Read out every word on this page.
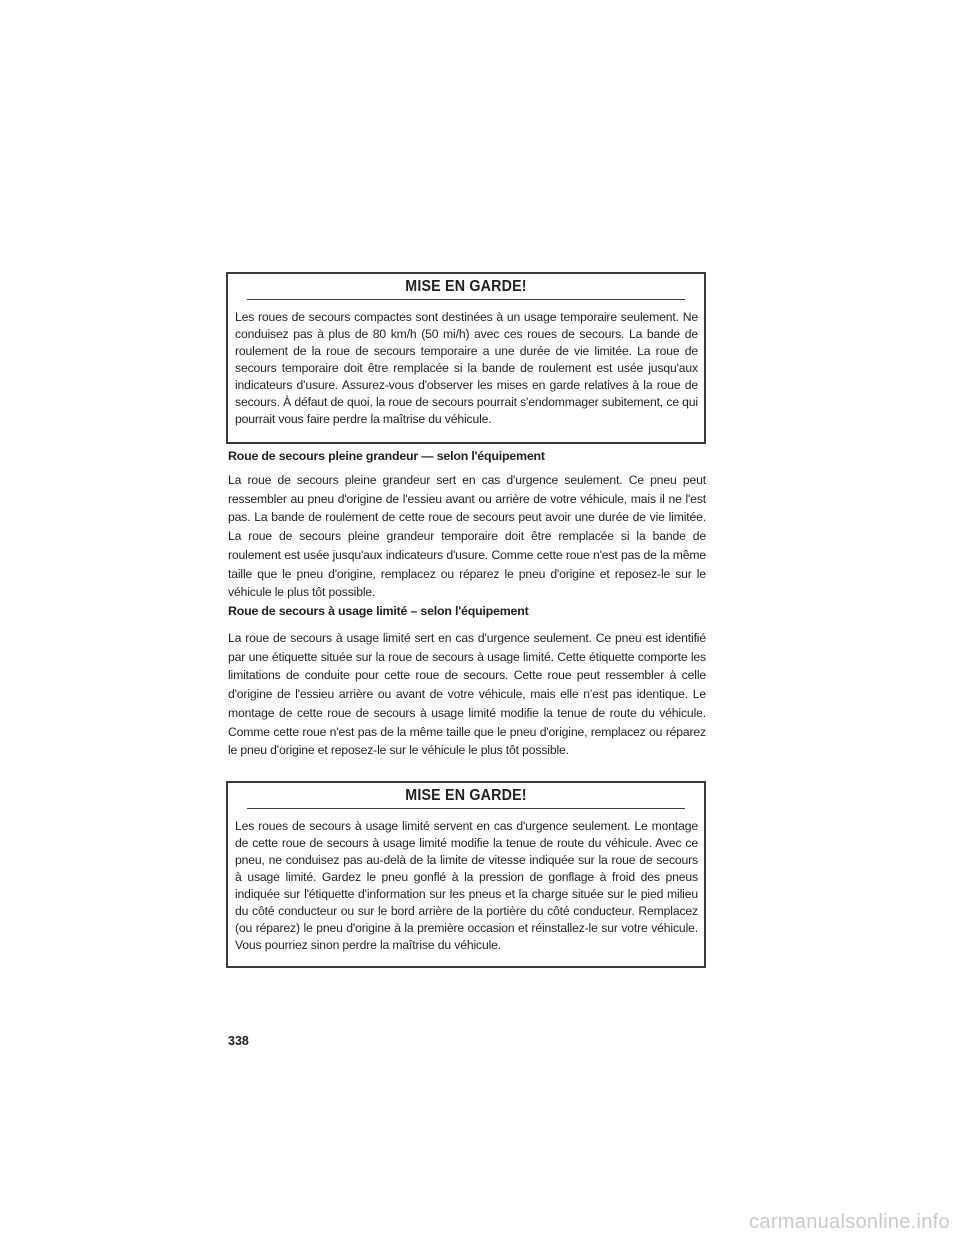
MISE EN GARDE!
Les roues de secours compactes sont destinées à un usage temporaire seulement. Ne conduisez pas à plus de 80 km/h (50 mi/h) avec ces roues de secours. La bande de roulement de la roue de secours temporaire a une durée de vie limitée. La roue de secours temporaire doit être remplacée si la bande de roulement est usée jusqu'aux indicateurs d'usure. Assurez-vous d'observer les mises en garde relatives à la roue de secours. À défaut de quoi, la roue de secours pourrait s'endommager subitement, ce qui pourrait vous faire perdre la maîtrise du véhicule.
Roue de secours pleine grandeur — selon l'équipement
La roue de secours pleine grandeur sert en cas d'urgence seulement. Ce pneu peut ressembler au pneu d'origine de l'essieu avant ou arrière de votre véhicule, mais il ne l'est pas. La bande de roulement de cette roue de secours peut avoir une durée de vie limitée. La roue de secours pleine grandeur temporaire doit être remplacée si la bande de roulement est usée jusqu'aux indicateurs d'usure. Comme cette roue n'est pas de la même taille que le pneu d'origine, remplacez ou réparez le pneu d'origine et reposez-le sur le véhicule le plus tôt possible.
Roue de secours à usage limité – selon l'équipement
La roue de secours à usage limité sert en cas d'urgence seulement. Ce pneu est identifié par une étiquette située sur la roue de secours à usage limité. Cette étiquette comporte les limitations de conduite pour cette roue de secours. Cette roue peut ressembler à celle d'origine de l'essieu arrière ou avant de votre véhicule, mais elle n'est pas identique. Le montage de cette roue de secours à usage limité modifie la tenue de route du véhicule. Comme cette roue n'est pas de la même taille que le pneu d'origine, remplacez ou réparez le pneu d'origine et reposez-le sur le véhicule le plus tôt possible.
MISE EN GARDE!
Les roues de secours à usage limité servent en cas d'urgence seulement. Le montage de cette roue de secours à usage limité modifie la tenue de route du véhicule. Avec ce pneu, ne conduisez pas au-delà de la limite de vitesse indiquée sur la roue de secours à usage limité. Gardez le pneu gonflé à la pression de gonflage à froid des pneus indiquée sur l'étiquette d'information sur les pneus et la charge située sur le pied milieu du côté conducteur ou sur le bord arrière de la portière du côté conducteur. Remplacez (ou réparez) le pneu d'origine à la première occasion et réinstallez-le sur votre véhicule. Vous pourriez sinon perdre la maîtrise du véhicule.
338
carmanualsonline.info
